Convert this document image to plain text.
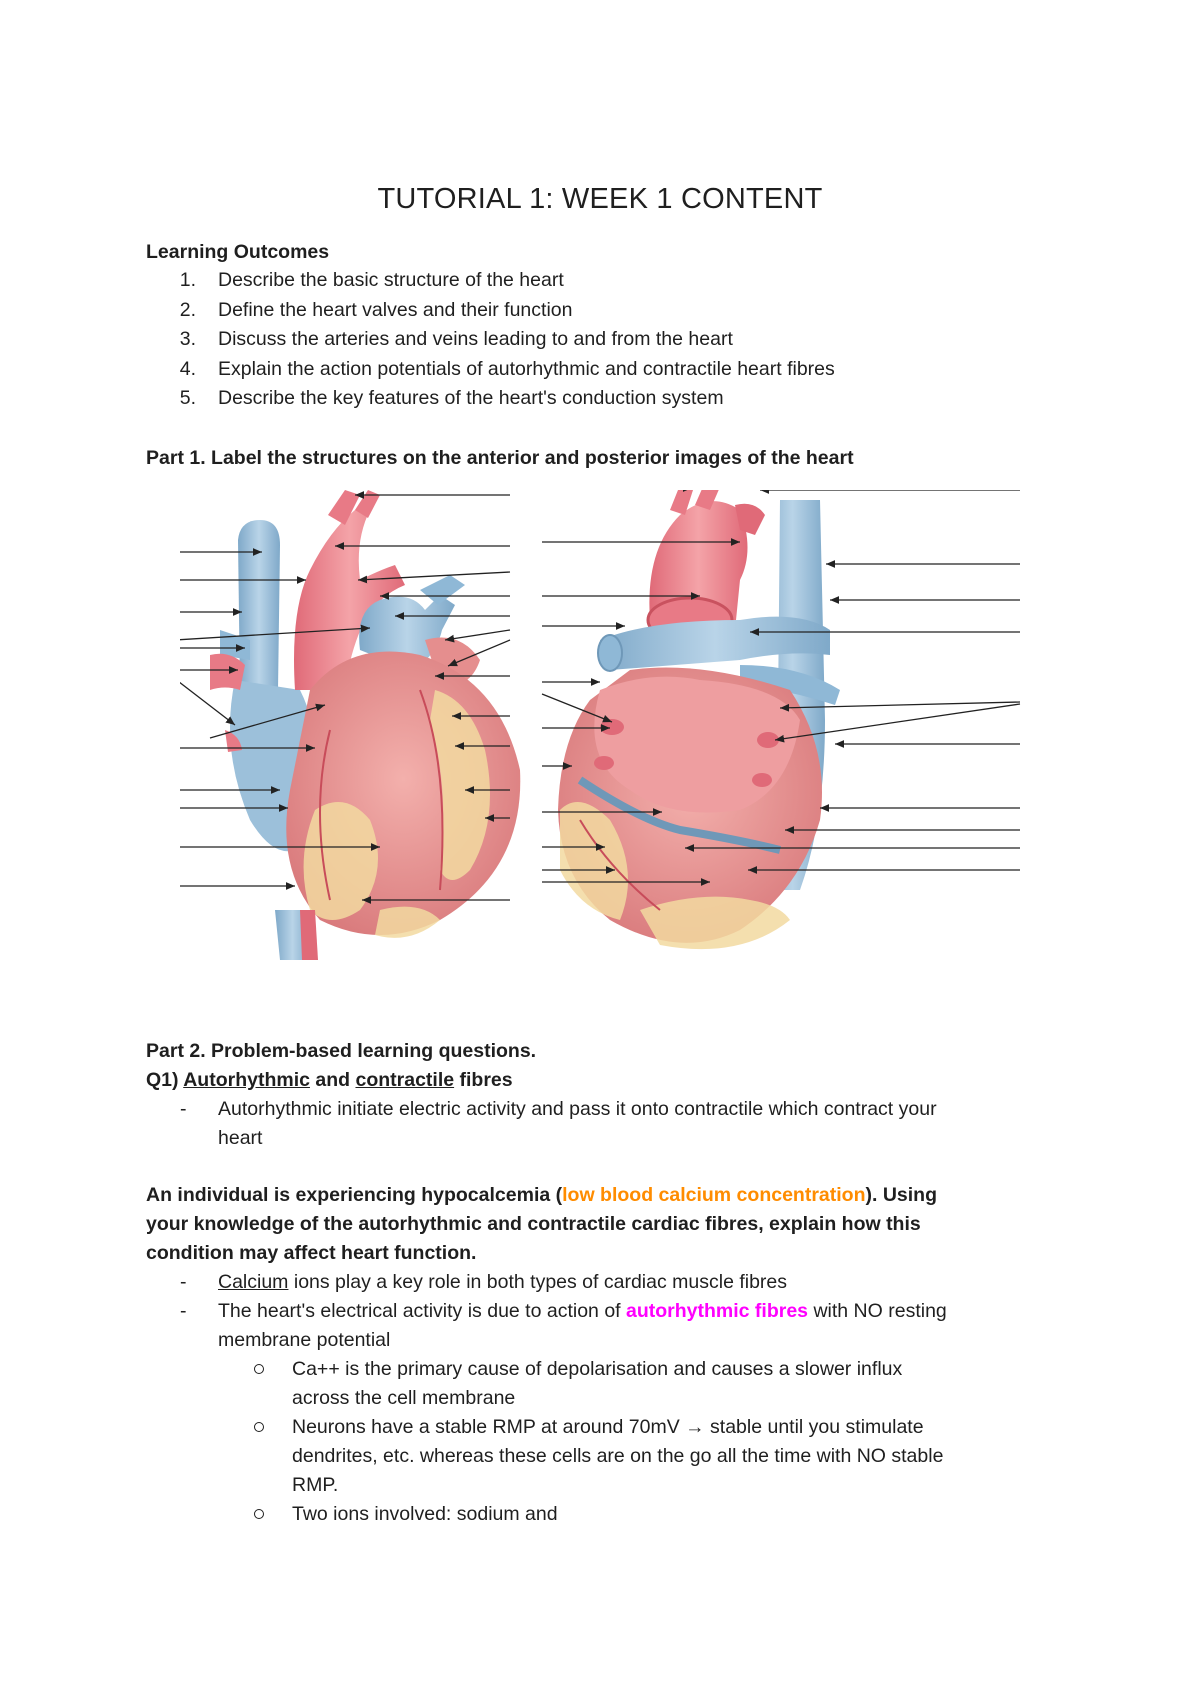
TUTORIAL 1: WEEK 1 CONTENT
Learning Outcomes
1. Describe the basic structure of the heart
2. Define the heart valves and their function
3. Discuss the arteries and veins leading to and from the heart
4. Explain the action potentials of autorhythmic and contractile heart fibres
5. Describe the key features of the heart's conduction system
Part 1. Label the structures on the anterior and posterior images of the heart
Part 2. Problem-based learning questions.
Q1) Autorhythmic and contractile fibres
-	Autorhythmic initiate electric activity and pass it onto contractile which contract your
heart
An individual is experiencing hypocalcemia (low blood calcium concentration). Using
your knowledge of the autorhythmic and contractile cardiac fibres, explain how this
condition may affect heart function.
-	Calcium ions play a key role in both types of cardiac muscle fibres
-	The heart's electrical activity is due to action of autorhythmic fibres with NO resting
membrane potential
Ca++ is the primary cause of depolarisation and causes a slower influx
across the cell membrane
Neurons have a stable RMP at around 70mV → stable until you stimulate
dendrites, etc. whereas these cells are on the go all the time with NO stable
RMP.
Two ions involved: sodium and
